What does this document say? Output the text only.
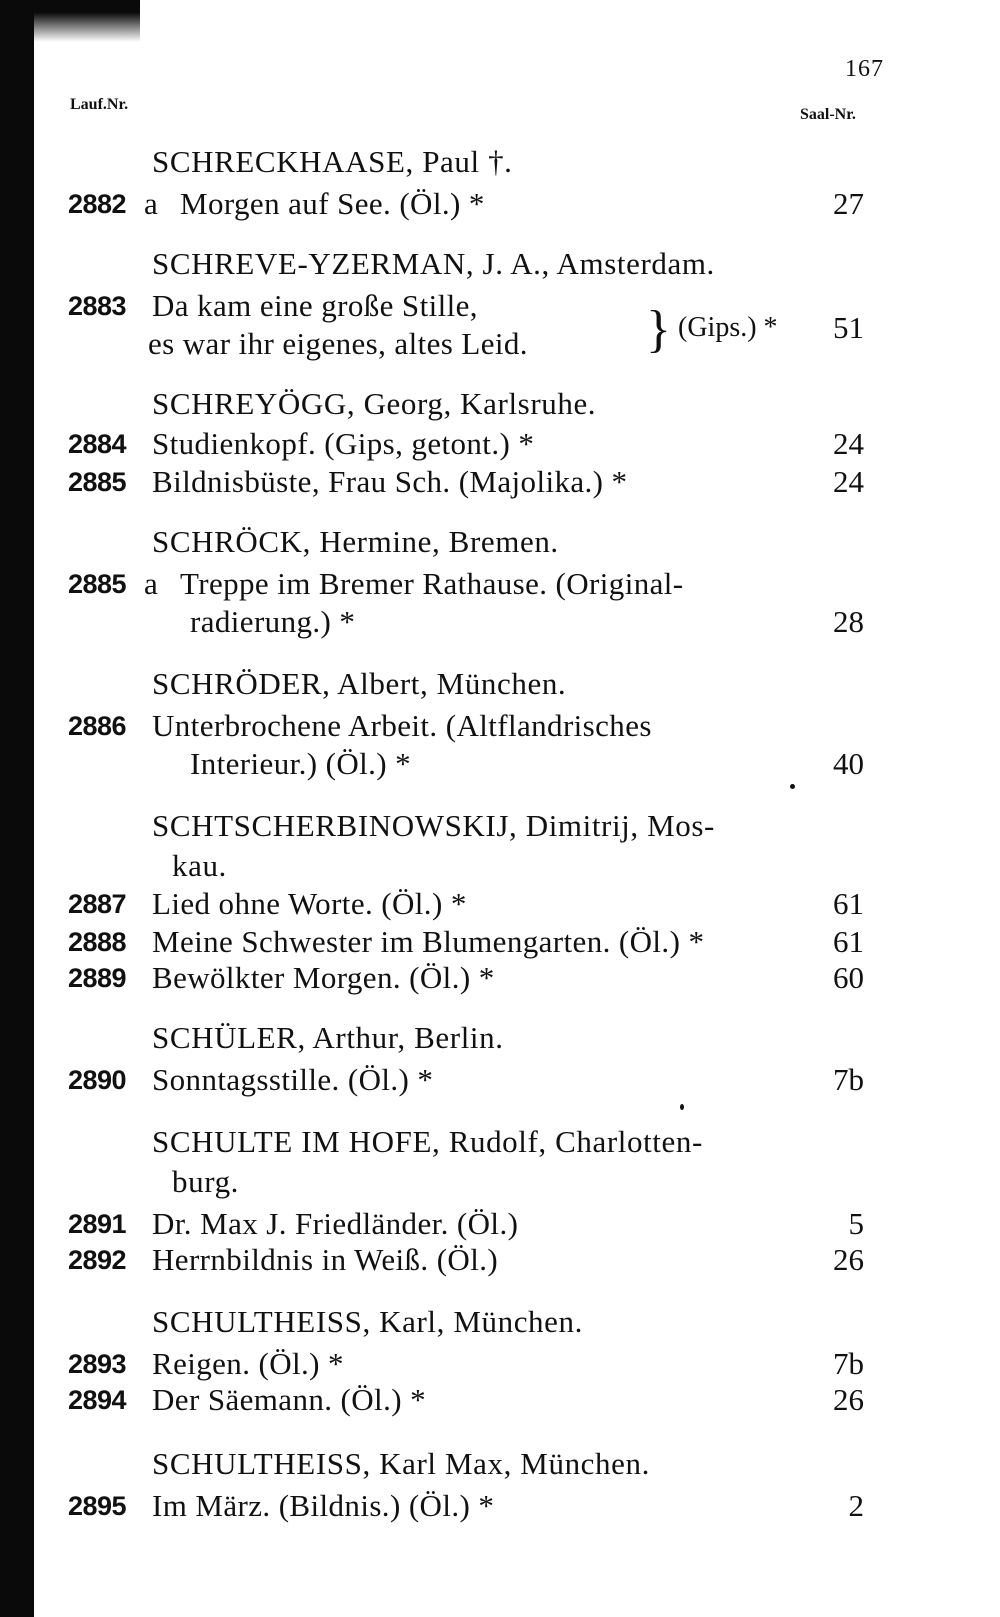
167
Lauf.Nr.
Saal-Nr.
SCHRECKHAASE, Paul †.
2882 a Morgen auf See. (Öl.) *	27
SCHREVE-YZERMAN, J. A., Amsterdam.
2883 Da kam eine große Stille,
es war ihr eigenes, altes Leid. } (Gips.) * 51
SCHREYÖGG, Georg, Karlsruhe.
2884 Studienkopf. (Gips, getont.) *	24
2885 Bildnisbüste, Frau Sch. (Majolika.) *	24
SCHRÖCK, Hermine, Bremen.
2885 a Treppe im Bremer Rathause. (Original-
radierung.) *	28
SCHRÖDER, Albert, München.
2886 Unterbrochene Arbeit. (Altflandrisches
Interieur.) (Öl.) *	40
SCHTSCHERBINOWSKIJ, Dimitrij, Mos-
kau.
2887 Lied ohne Worte. (Öl.) *	61
2888 Meine Schwester im Blumengarten. (Öl.) *	61
2889 Bewölkter Morgen. (Öl.) *	60
SCHÜLER, Arthur, Berlin.
2890 Sonntagsstille. (Öl.) *	7b
SCHULTE IM HOFE, Rudolf, Charlotten-
burg.
2891 Dr. Max J. Friedländer. (Öl.)	5
2892 Herrnbildnis in Weiß. (Öl.)	26
SCHULTHEISS, Karl, München.
2893 Reigen. (Öl.) *	7b
2894 Der Säemann. (Öl.) *	26
SCHULTHEISS, Karl Max, München.
2895 Im März. (Bildnis.) (Öl.) *	2
